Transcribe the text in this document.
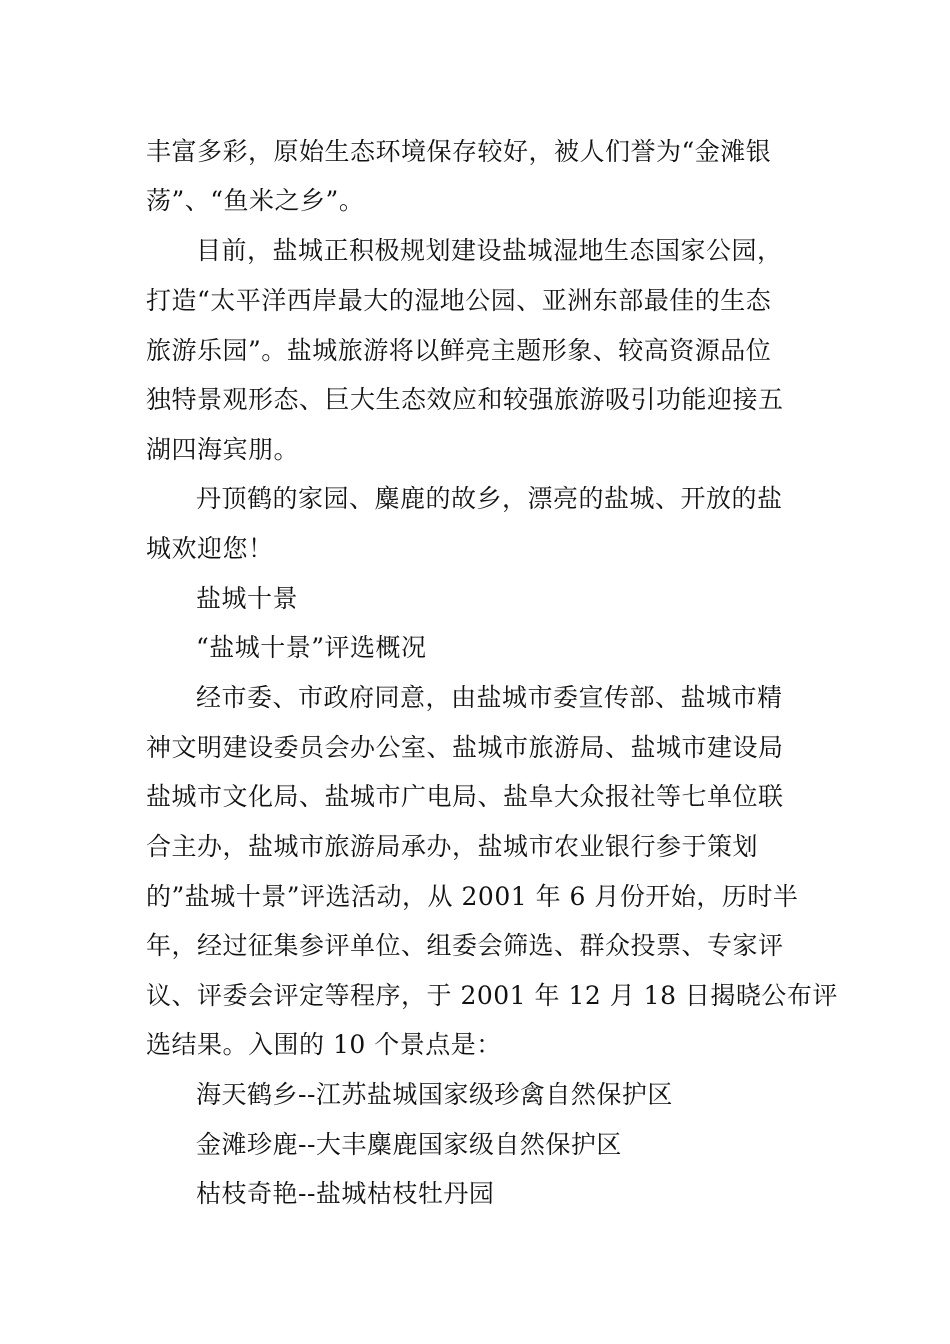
丰富多彩，原始生态环境保存较好，被人们誉为“金滩银
荡”、“鱼米之乡”。
目前，盐城正积极规划建设盐城湿地生态国家公园，
打造“太平洋西岸最大的湿地公园、亚洲东部最佳的生态
旅游乐园”。盐城旅游将以鲜亮主题形象、较高资源品位
独特景观形态、巨大生态效应和较强旅游吸引功能迎接五
湖四海宾朋。
丹顶鹤的家园、麋鹿的故乡，漂亮的盐城、开放的盐
城欢迎您！
盐城十景
“盐城十景”评选概况
经市委、市政府同意，由盐城市委宣传部、盐城市精
神文明建设委员会办公室、盐城市旅游局、盐城市建设局
盐城市文化局、盐城市广电局、盐阜大众报社等七单位联
合主办，盐城市旅游局承办，盐城市农业银行参于策划
的”盐城十景”评选活动，从 2001 年 6 月份开始，历时半
年，经过征集参评单位、组委会筛选、群众投票、专家评
议、评委会评定等程序，于 2001 年 12 月 18 日揭晓公布评
选结果。入围的 10 个景点是：
海天鹤乡--江苏盐城国家级珍禽自然保护区
金滩珍鹿--大丰麋鹿国家级自然保护区
枯枝奇艳--盐城枯枝牡丹园
